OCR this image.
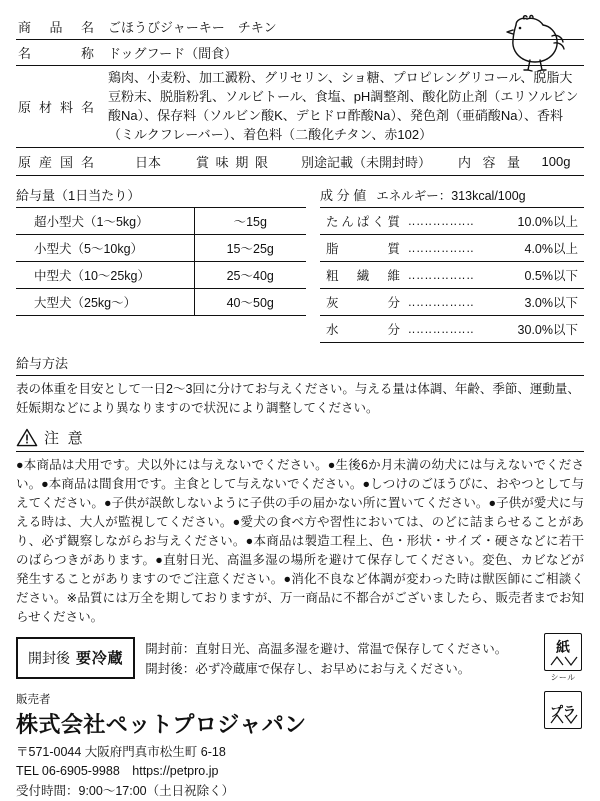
商品名	ごほうびジャーキー　チキン
名　　称	ドッグフード（間食）
原材料名	鶏肉、小麦粉、加工澱粉、グリセリン、ショ糖、プロピレングリコール、脱脂大豆粉末、脱脂粉乳、ソルビトール、食塩、pH調整剤、酸化防止剤（エリソルビン酸Na）、保存料（ソルビン酸K、デヒドロ酢酸Na）、発色剤（亜硝酸Na）、香料（ミルクフレーバー）、着色料（二酸化チタン、赤102）
原産国名	日本	賞味期限	別途記載（未開封時）	内 容 量	100g
給与量（1日当たり）
超小型犬（1〜5kg）	〜15g
小型犬（5〜10kg）	15〜25g
中型犬（10〜25kg）	25〜40g
大型犬（25kg〜）	40〜50g
成 分 値 エネルギー：313kcal/100g
たんぱく質	‥‥‥‥‥‥‥‥	10.0%以上
脂　　　質	‥‥‥‥‥‥‥‥	4.0%以上
粗 繊 維	‥‥‥‥‥‥‥‥	0.5%以下
灰　　　分	‥‥‥‥‥‥‥‥	3.0%以下
水　　　分	‥‥‥‥‥‥‥‥	30.0%以下
給与方法
表の体重を目安として一日2〜3回に分けてお与えください。与える量は体調、年齢、季節、運動量、妊娠期などにより異なりますので状況により調整してください。
注 意
●本商品は犬用です。犬以外には与えないでください。●生後6か月未満の幼犬には与えないでください。●本商品は間食用です。主食として与えないでください。●しつけのごほうびに、おやつとして与えてください。●子供が誤飲しないように子供の手の届かない所に置いてください。●子供が愛犬に与える時は、大人が監視してください。●愛犬の食べ方や習性においては、のどに詰まらせることがあり、必ず観察しながらお与えください。●本商品は製造工程上、色・形状・サイズ・硬さなどに若干のばらつきがあります。●直射日光、高温多湿の場所を避けて保存してください。変色、カビなどが発生することがありますのでご注意ください。●消化不良など体調が変わった時は獣医師にご相談ください。※品質には万全を期しておりますが、万一商品に不都合がございましたら、販売者までお知らせください。
開封後 要冷蔵
開封前：直射日光、高温多湿を避け、常温で保存してください。
開封後：必ず冷蔵庫で保存し、お早めにお与えください。
販売者
株式会社ペットプロジャパン
〒571-0044 大阪府門真市松生町 6-18
TEL 06-6905-9988　https://petpro.jp
受付時間：9:00〜17:00（土日祝除く）
紙
シール
プラ
